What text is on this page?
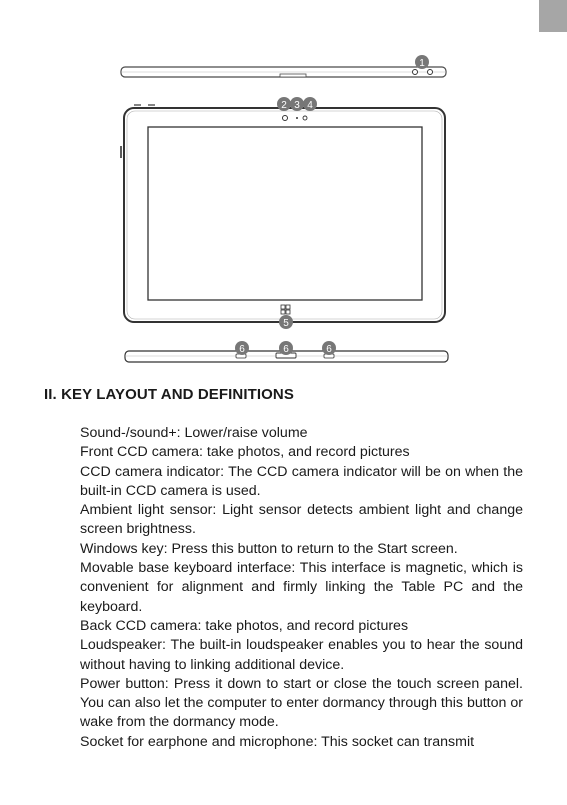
1
2 3 4
5
6	6	6
II. KEY LAYOUT AND DEFINITIONS

Sound-/sound+: Lower/raise volume

Front CCD camera: take photos, and record pictures

CCD camera indicator: The CCD camera indicator will be on when the built-in CCD camera is used.

Ambient light sensor: Light sensor detects ambient light and change screen brightness.

Windows key: Press this button to return to the Start screen.

Movable base keyboard interface: This interface is magnetic, which is convenient for alignment and firmly linking the Table PC and the keyboard.

Back CCD camera: take photos, and record pictures

Loudspeaker: The built-in loudspeaker enables you to hear the sound without having to linking additional device.

Power button: Press it down to start or close the touch screen panel. You can also let the computer to enter dormancy through this button or wake from the dormancy mode.

Socket for earphone and microphone: This socket can transmit
